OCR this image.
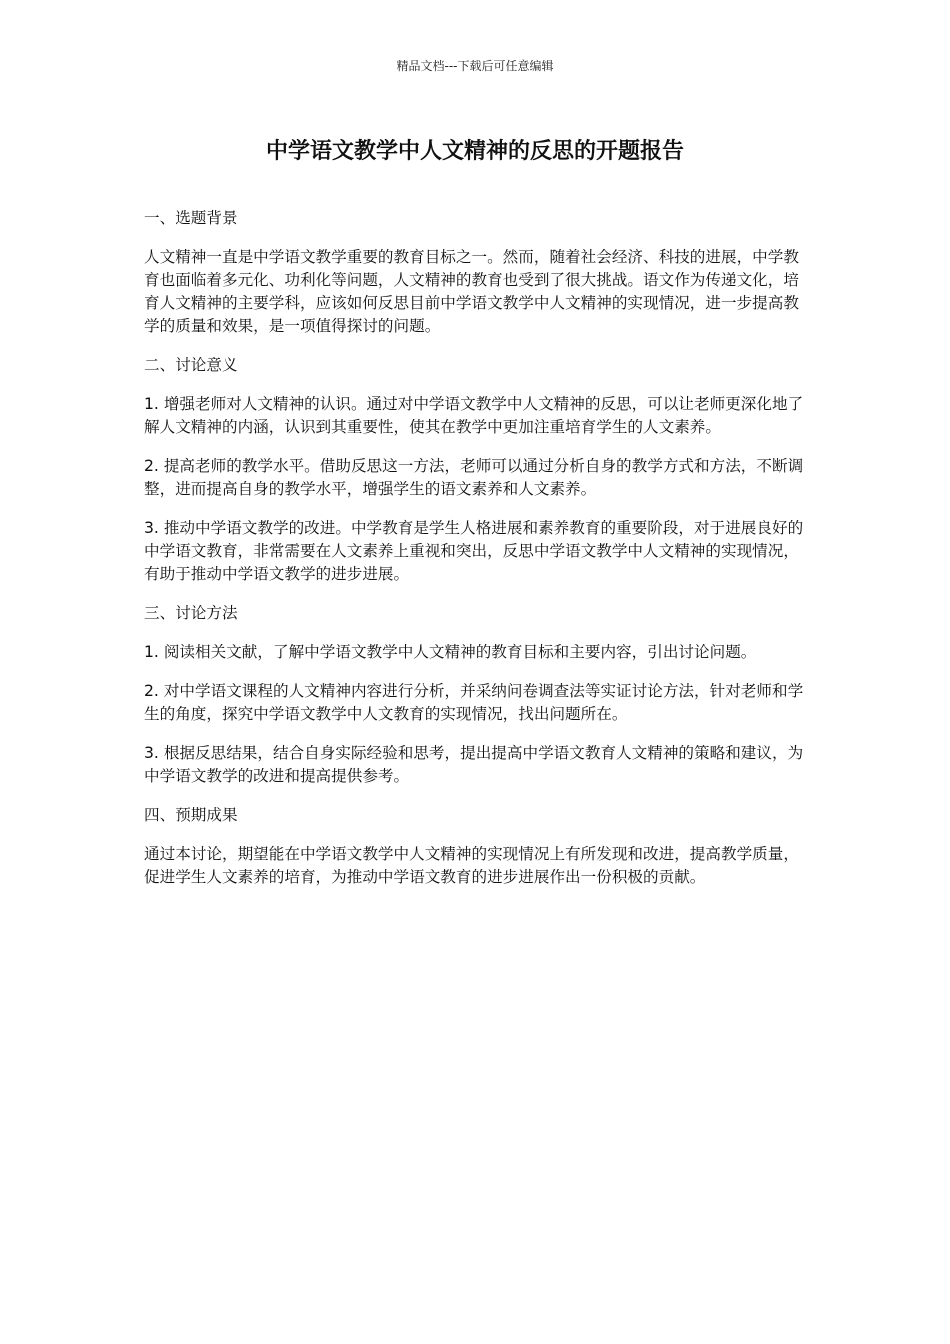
精品文档---下载后可任意编辑
中学语文教学中人文精神的反思的开题报告
一、选题背景

人文精神一直是中学语文教学重要的教育目标之一。然而，随着社会经济、科技的进展，中学教育也面临着多元化、功利化等问题，人文精神的教育也受到了很大挑战。语文作为传递文化，培育人文精神的主要学科，应该如何反思目前中学语文教学中人文精神的实现情况，进一步提高教学的质量和效果，是一项值得探讨的问题。

二、讨论意义

1. 增强老师对人文精神的认识。通过对中学语文教学中人文精神的反思，可以让老师更深化地了解人文精神的内涵，认识到其重要性，使其在教学中更加注重培育学生的人文素养。

2. 提高老师的教学水平。借助反思这一方法，老师可以通过分析自身的教学方式和方法，不断调整，进而提高自身的教学水平，增强学生的语文素养和人文素养。

3. 推动中学语文教学的改进。中学教育是学生人格进展和素养教育的重要阶段，对于进展良好的中学语文教育，非常需要在人文素养上重视和突出，反思中学语文教学中人文精神的实现情况，有助于推动中学语文教学的进步进展。

三、讨论方法

1. 阅读相关文献，了解中学语文教学中人文精神的教育目标和主要内容，引出讨论问题。

2. 对中学语文课程的人文精神内容进行分析，并采纳问卷调查法等实证讨论方法，针对老师和学生的角度，探究中学语文教学中人文教育的实现情况，找出问题所在。

3. 根据反思结果，结合自身实际经验和思考，提出提高中学语文教育人文精神的策略和建议，为中学语文教学的改进和提高提供参考。

四、预期成果

通过本讨论，期望能在中学语文教学中人文精神的实现情况上有所发现和改进，提高教学质量，促进学生人文素养的培育，为推动中学语文教育的进步进展作出一份积极的贡献。
